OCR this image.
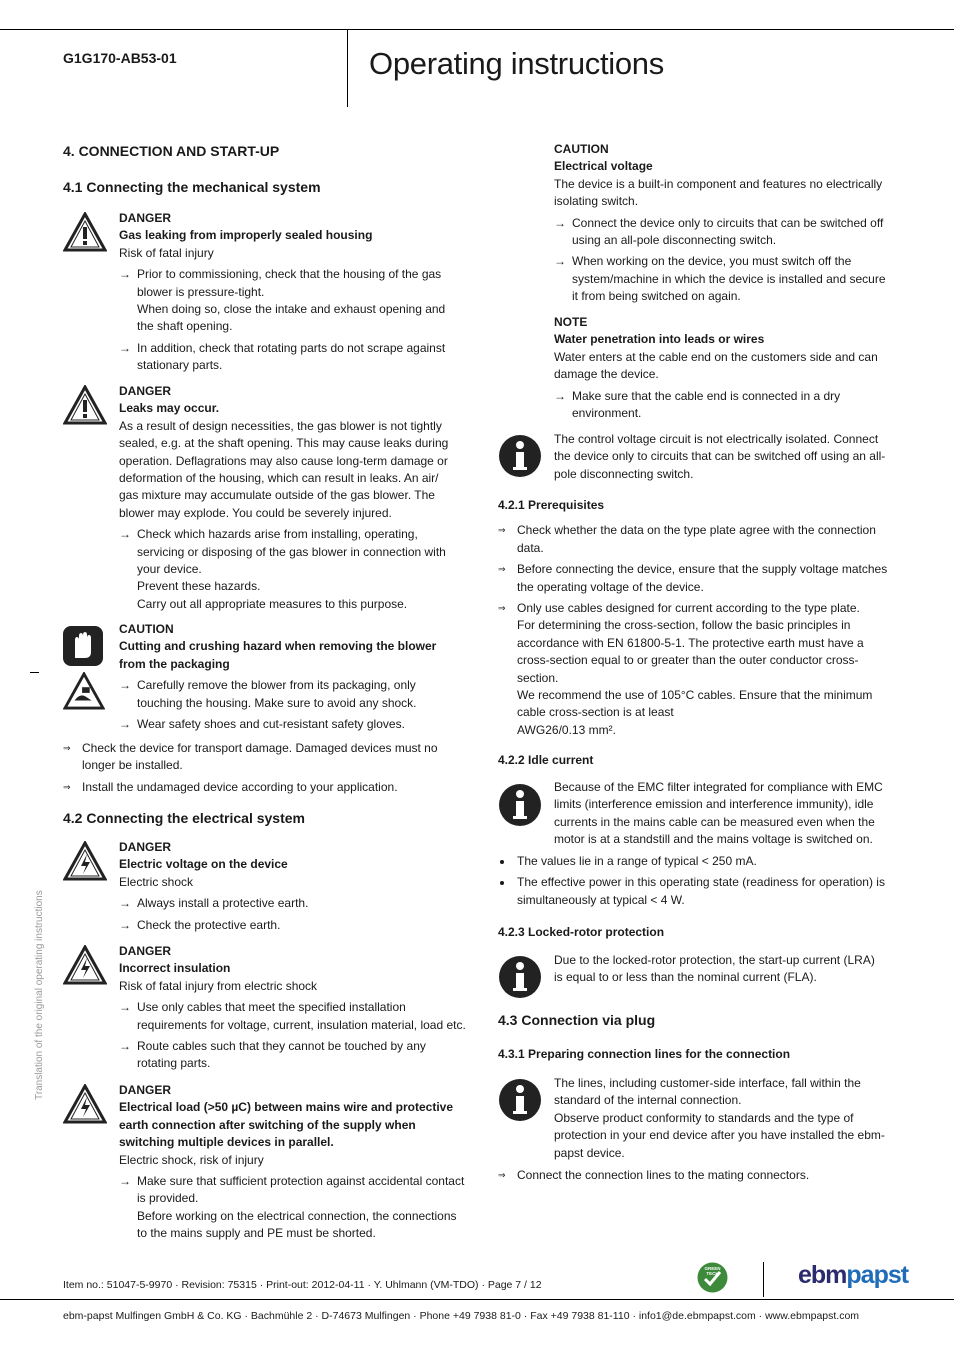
G1G170-AB53-01	Operating instructions
4. CONNECTION AND START-UP
4.1 Connecting the mechanical system
DANGER
Gas leaking from improperly sealed housing
Risk of fatal injury
→ Prior to commissioning, check that the housing of the gas blower is pressure-tight.
When doing so, close the intake and exhaust opening and the shaft opening.
→ In addition, check that rotating parts do not scrape against stationary parts.
DANGER
Leaks may occur.
As a result of design necessities, the gas blower is not tightly sealed, e.g. at the shaft opening. This may cause leaks during operation. Deflagrations may also cause long-term damage or deformation of the housing, which can result in leaks. An air/ gas mixture may accumulate outside of the gas blower. The blower may explode. You could be severely injured.
→ Check which hazards arise from installing, operating, servicing or disposing of the gas blower in connection with your device.
Prevent these hazards.
Carry out all appropriate measures to this purpose.
CAUTION
Cutting and crushing hazard when removing the blower from the packaging
→ Carefully remove the blower from its packaging, only touching the housing. Make sure to avoid any shock.
→ Wear safety shoes and cut-resistant safety gloves.
⇒ Check the device for transport damage. Damaged devices must no longer be installed.
⇒ Install the undamaged device according to your application.
4.2 Connecting the electrical system
DANGER
Electric voltage on the device
Electric shock
→ Always install a protective earth.
→ Check the protective earth.
DANGER
Incorrect insulation
Risk of fatal injury from electric shock
→ Use only cables that meet the specified installation requirements for voltage, current, insulation material, load etc.
→ Route cables such that they cannot be touched by any rotating parts.
DANGER
Electrical load (>50 µC) between mains wire and protective earth connection after switching of the supply when switching multiple devices in parallel.
Electric shock, risk of injury
→ Make sure that sufficient protection against accidental contact is provided.
Before working on the electrical connection, the connections to the mains supply and PE must be shorted.
CAUTION
Electrical voltage
The device is a built-in component and features no electrically isolating switch.
→ Connect the device only to circuits that can be switched off using an all-pole disconnecting switch.
→ When working on the device, you must switch off the system/machine in which the device is installed and secure it from being switched on again.
NOTE
Water penetration into leads or wires
Water enters at the cable end on the customers side and can damage the device.
→ Make sure that the cable end is connected in a dry environment.
The control voltage circuit is not electrically isolated. Connect the device only to circuits that can be switched off using an all-pole disconnecting switch.
4.2.1 Prerequisites
⇒ Check whether the data on the type plate agree with the connection data.
⇒ Before connecting the device, ensure that the supply voltage matches the operating voltage of the device.
⇒ Only use cables designed for current according to the type plate.
For determining the cross-section, follow the basic principles in accordance with EN 61800-5-1. The protective earth must have a cross-section equal to or greater than the outer conductor cross-section.
We recommend the use of 105°C cables. Ensure that the minimum cable cross-section is at least
AWG26/0.13 mm².
4.2.2 Idle current
Because of the EMC filter integrated for compliance with EMC limits (interference emission and interference immunity), idle currents in the mains cable can be measured even when the motor is at a standstill and the mains voltage is switched on.
The values lie in a range of typical < 250 mA.
The effective power in this operating state (readiness for operation) is simultaneously at typical < 4 W.
4.2.3 Locked-rotor protection
Due to the locked-rotor protection, the start-up current (LRA) is equal to or less than the nominal current (FLA).
4.3 Connection via plug
4.3.1 Preparing connection lines for the connection
The lines, including customer-side interface, fall within the standard of the internal connection.
Observe product conformity to standards and the type of protection in your end device after you have installed the ebm-papst device.
⇒ Connect the connection lines to the mating connectors.
Translation of the original operating instructions
Item no.: 51047-5-9970 · Revision: 75315 · Print-out: 2012-04-11 · Y. Uhlmann (VM-TDO) · Page 7 / 12
GREEN
TECH	ebmpapst
ebm-papst Mulfingen GmbH & Co. KG · Bachmühle 2 · D-74673 Mulfingen · Phone +49 7938 81-0 · Fax +49 7938 81-110 · info1@de.ebmpapst.com · www.ebmpapst.com
